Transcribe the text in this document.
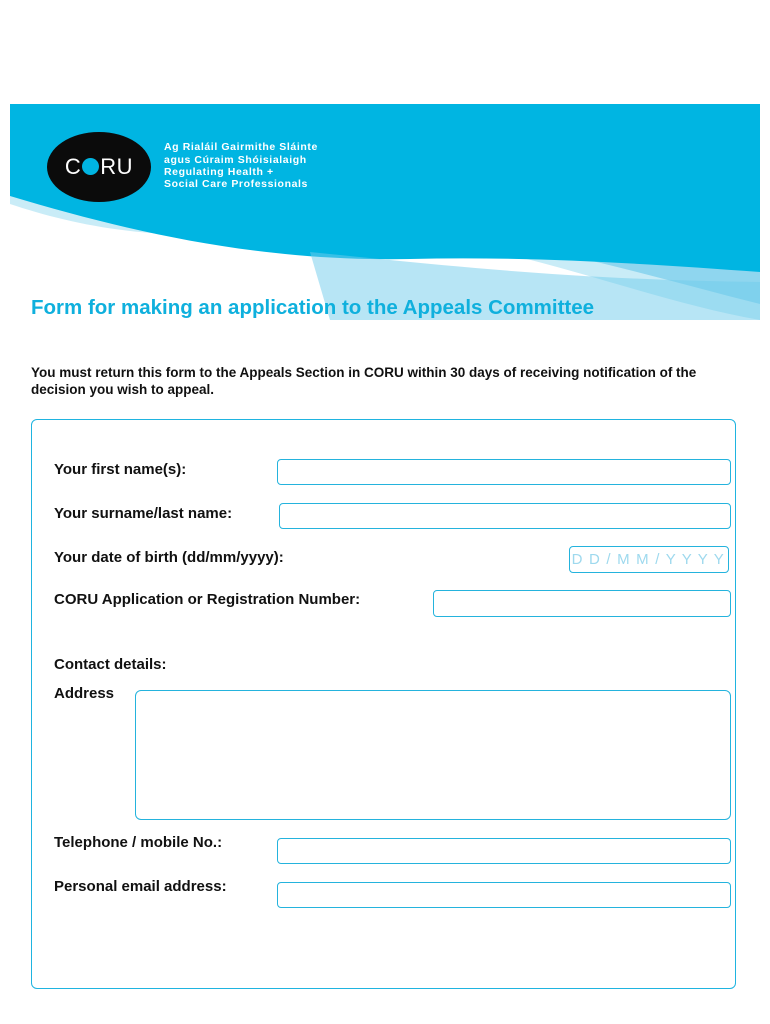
C RU
Ag Rialáil Gairmithe Sláinte
agus Cúraim Shóisialaigh
Regulating Health +
Social Care Professionals
Form for making an application to the Appeals Committee

You must return this form to the Appeals Section in CORU within 30 days of receiving notification of the decision you wish to appeal.

Your first name(s):
Your surname/last name:
Your date of birth (dd/mm/yyyy):	D D / M M / Y Y Y Y
CORU Application or Registration Number:
Contact details:
Address
Telephone / mobile No.:
Personal email address:
